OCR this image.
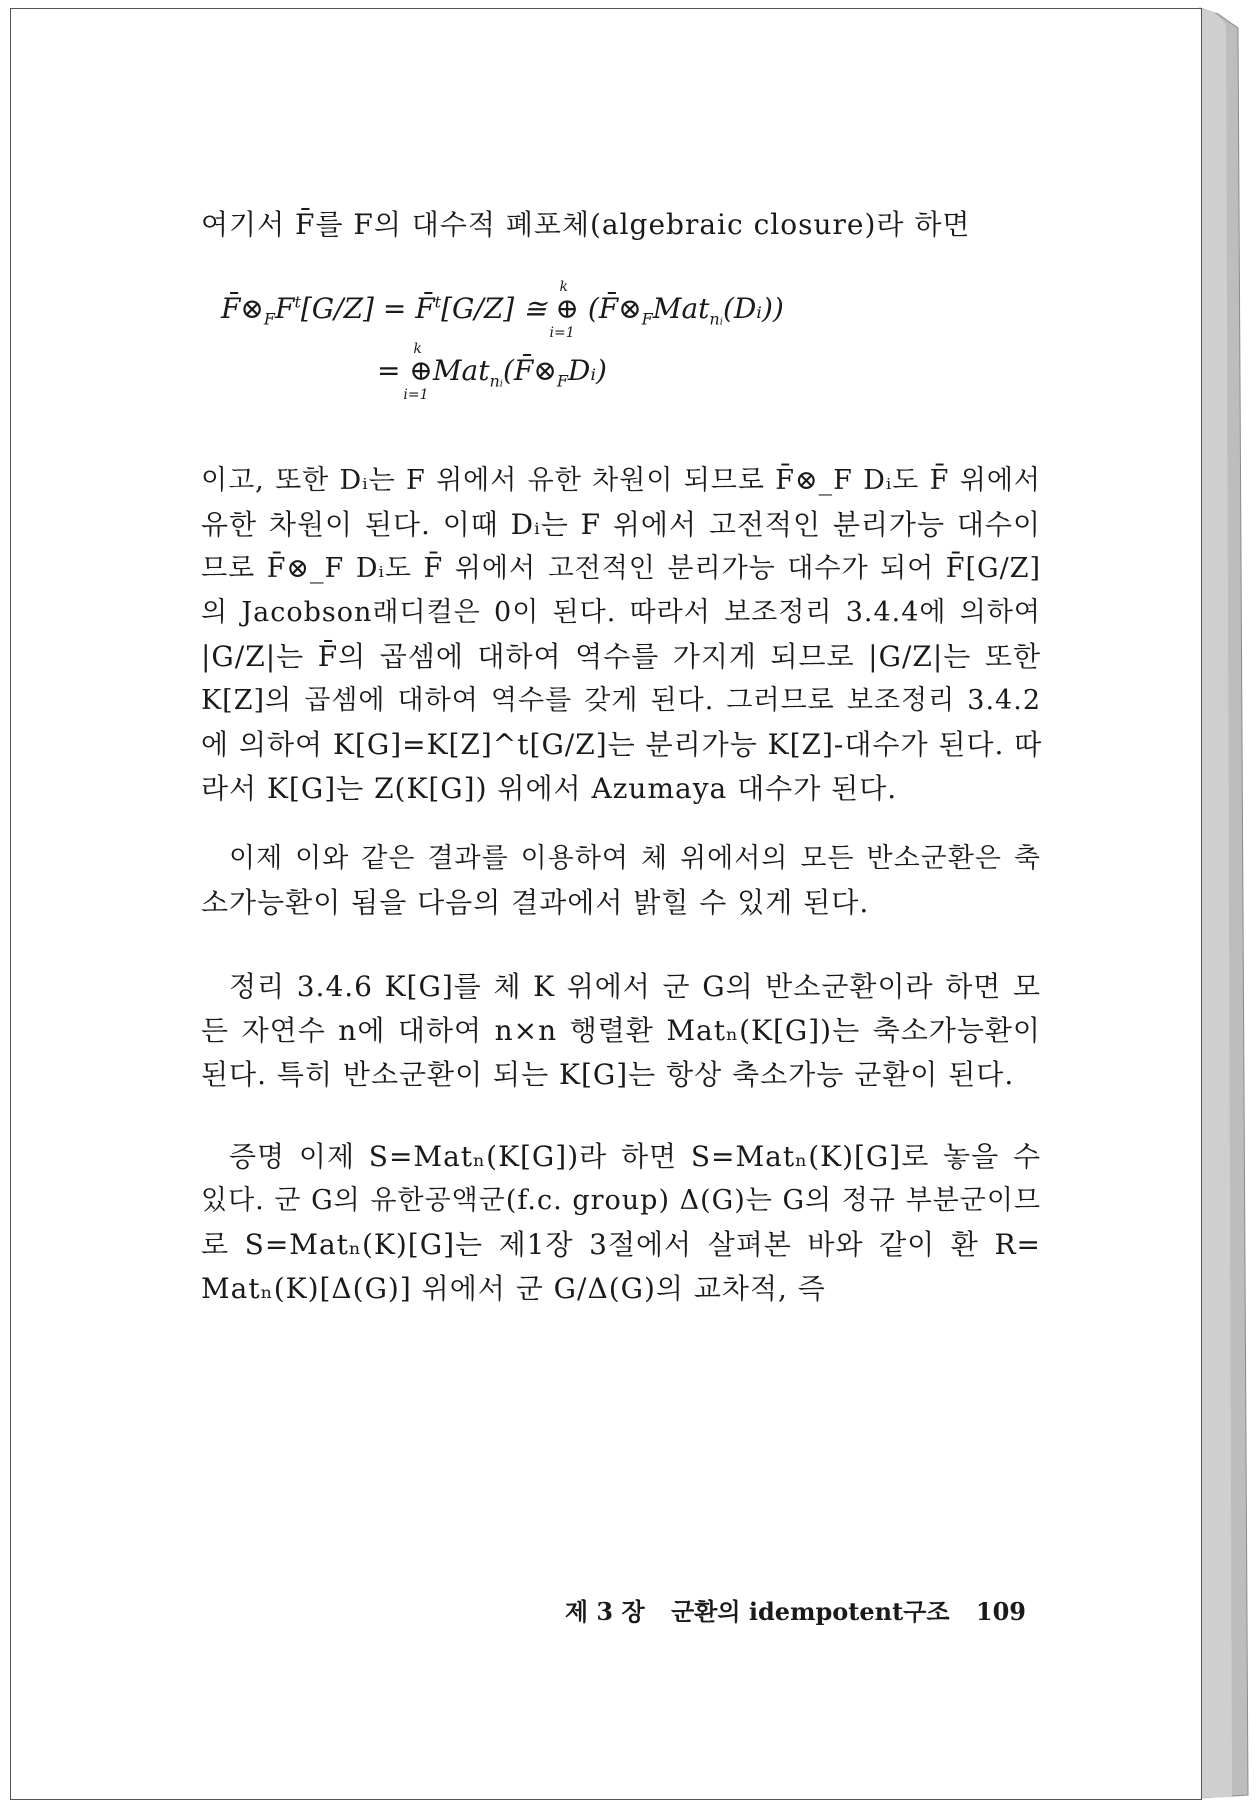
여기서 F̄를 F의 대수적 폐포체(algebraic closure)라 하면
$F̄\otimes_FF^t[G/Z]$ = F̄$^t$[G/Z] ≅ ⊕
k
i=1
$(F̄\otimes_FMat_{nᵢ}(Dᵢ))$
= ⊕
k
i=1
$Mat_{nᵢ}(F̄\otimes_FDᵢ)$
이고, 또한 Dᵢ는 F 위에서 유한 차원이 되므로 F̄⊗_F Dᵢ도 F̄ 위에서
유한 차원이 된다. 이때 Dᵢ는 F 위에서 고전적인 분리가능 대수이
므로 F̄⊗_F Dᵢ도 F̄ 위에서 고전적인 분리가능 대수가 되어 F̄[G/Z]
의 Jacobson래디컬은 0이 된다. 따라서 보조정리 3.4.4에 의하여
|G/Z|는 F̄의 곱셈에 대하여 역수를 가지게 되므로 |G/Z|는 또한
K[Z]의 곱셈에 대하여 역수를 갖게 된다. 그러므로 보조정리 3.4.2
에 의하여 K[G]=K[Z]^t[G/Z]는 분리가능 K[Z]-대수가 된다. 따
라서 K[G]는 Z(K[G]) 위에서 Azumaya 대수가 된다.
이제 이와 같은 결과를 이용하여 체 위에서의 모든 반소군환은 축
소가능환이 됨을 다음의 결과에서 밝힐 수 있게 된다.
정리 3.4.6 K[G]를 체 K 위에서 군 G의 반소군환이라 하면 모
든 자연수 n에 대하여 n×n 행렬환 Matₙ(K[G])는 축소가능환이
된다. 특히 반소군환이 되는 K[G]는 항상 축소가능 군환이 된다.
증명 이제 S=Matₙ(K[G])라 하면 S=Matₙ(K)[G]로 놓을 수
있다. 군 G의 유한공액군(f.c. group) Δ(G)는 G의 정규 부분군이므
로 S=Matₙ(K)[G]는 제1장 3절에서 살펴본 바와 같이 환 R=
Matₙ(K)[Δ(G)] 위에서 군 G/Δ(G)의 교차적, 즉
제 3 장 군환의 idempotent구조 109
